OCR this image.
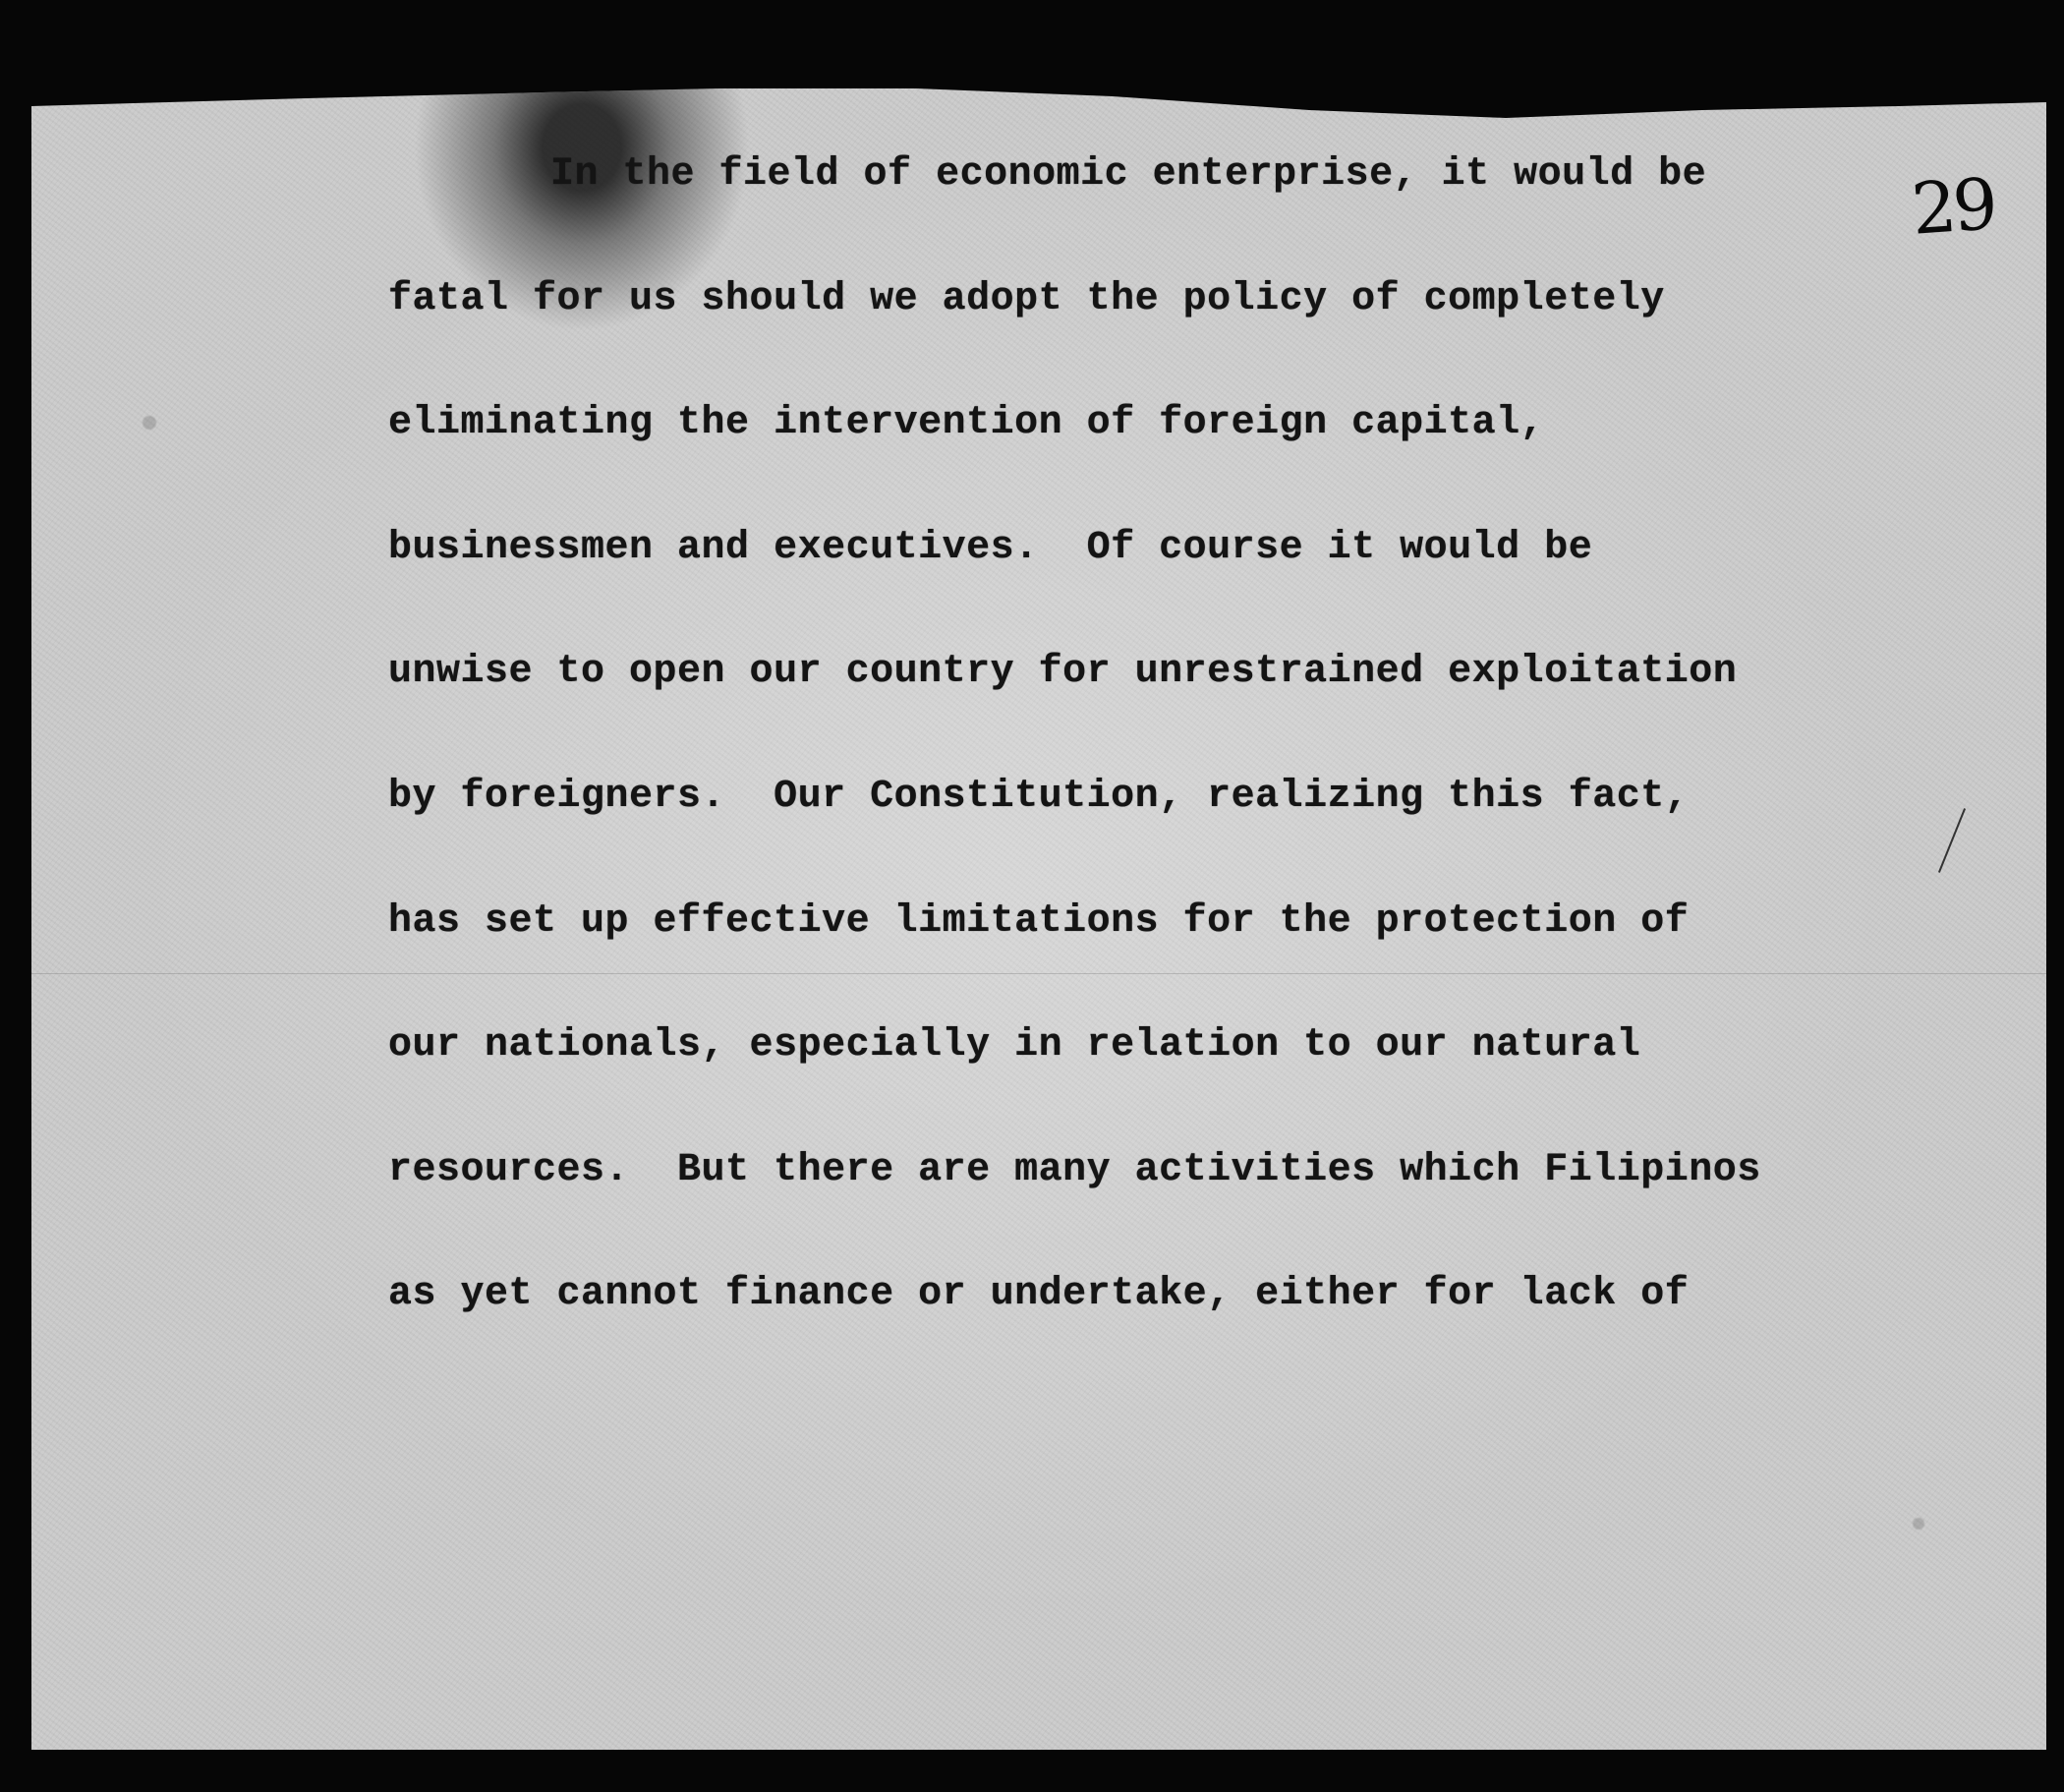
29
In the field of economic enterprise, it would be
fatal for us should we adopt the policy of completely
eliminating the intervention of foreign capital,
businessmen and executives.  Of course it would be
unwise to open our country for unrestrained exploitation
by foreigners.  Our Constitution, realizing this fact,
has set up effective limitations for the protection of
our nationals, especially in relation to our natural
resources.  But there are many activities which Filipinos
as yet cannot finance or undertake, either for lack of
